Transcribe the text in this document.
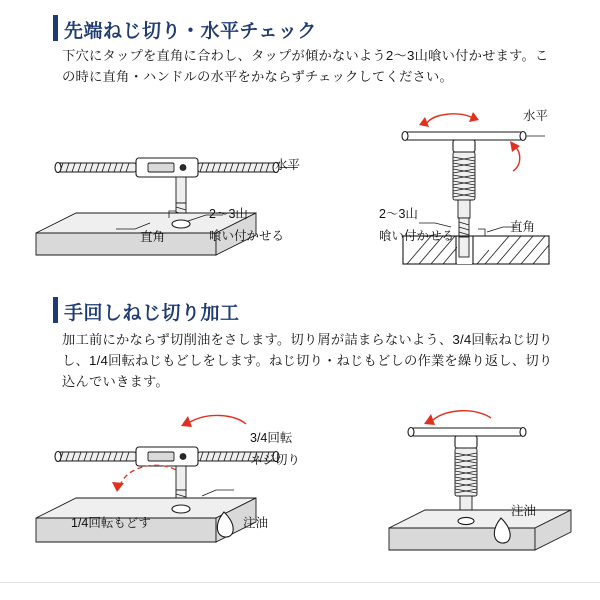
先端ねじ切り・水平チェック
下穴にタップを直角に合わし、タップが傾かないよう2〜3山喰い付かせます。この時に直角・ハンドルの水平をかならずチェックしてください。
水平
直角
2〜3山
喰い付かせる
水平
2〜3山
喰い付かせる
直角
手回しねじ切り加工
加工前にかならず切削油をさします。切り屑が詰まらないよう、3/4回転ねじ切りし、1/4回転ねじもどしをします。ねじ切り・ねじもどしの作業を繰り返し、切り込んでいきます。
3/4回転
ネジ切り
1/4回転もどす	注油
注油
